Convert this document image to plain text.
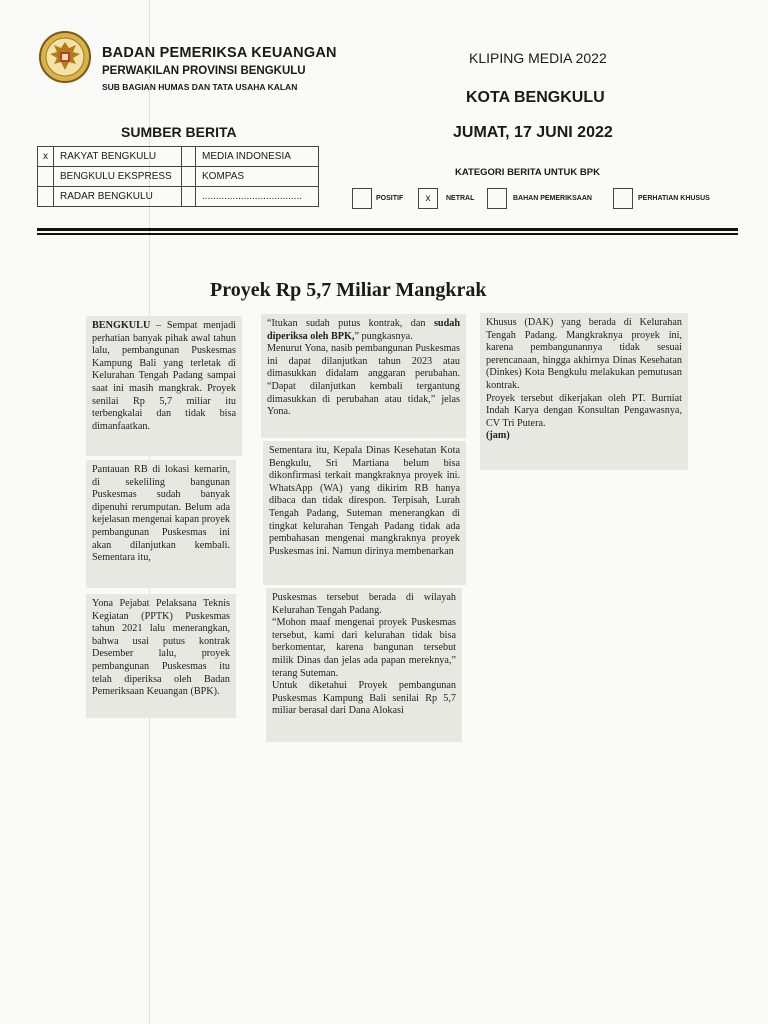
BADAN PEMERIKSA KEUANGAN
PERWAKILAN PROVINSI BENGKULU
SUB BAGIAN HUMAS DAN TATA USAHA KALAN
KLIPING MEDIA 2022
KOTA BENGKULU
JUMAT, 17 JUNI 2022
SUMBER BERITA
x	RAKYAT BENGKULU		MEDIA INDONESIA
	BENGKULU EKSPRESS		KOMPAS
	RADAR BENGKULU		....................................
KATEGORI BERITA UNTUK BPK
POSITIF	x	NETRAL	BAHAN PEMERIKSAAN	PERHATIAN KHUSUS
Proyek Rp 5,7 Miliar Mangkrak
BENGKULU – Sempat menjadi perhatian banyak pihak awal tahun lalu, pembangunan Puskesmas Kampung Bali yang terletak di Kelurahan Tengah Padang sampai saat ini masih mangkrak. Proyek senilai Rp 5,7 miliar itu terbengkalai dan tidak bisa dimanfaatkan.
Pantauan RB di lokasi kemarin, di sekeliling bangunan Puskesmas sudah banyak dipenuhi rerumputan. Belum ada kejelasan mengenai kapan proyek pembangunan Puskesmas ini akan dilanjutkan kembali. Sementara itu,
Yona Pejabat Pelaksana Teknis Kegiatan (PPTK) Puskesmas tahun 2021 lalu menerangkan, bahwa usai putus kontrak Desember lalu, proyek pembangunan Puskesmas itu telah diperiksa oleh Badan Pemeriksaan Keuangan (BPK).
“Itukan sudah putus kontrak, dan sudah diperiksa oleh BPK,” pungkasnya.
Menurut Yona, nasib pembangunan Puskesmas ini dapat dilanjutkan tahun 2023 atau dimasukkan didalam anggaran perubahan. “Dapat dilanjutkan kembali tergantung dimasukkan di perubahan atau tidak,” jelas Yona.
Sementara itu, Kepala Dinas Kesehatan Kota Bengkulu, Sri Martiana belum bisa dikonfirmasi terkait mangkraknya proyek ini. WhatsApp (WA) yang dikirim RB hanya dibaca dan tidak direspon. Terpisah, Lurah Tengah Padang, Suteman menerangkan di tingkat kelurahan Tengah Padang tidak ada pembahasan mengenai mangkraknya proyek Puskesmas ini. Namun dirinya membenarkan
Puskesmas tersebut berada di wilayah Kelurahan Tengah Padang.
“Mohon maaf mengenai proyek Puskesmas tersebut, kami dari kelurahan tidak bisa berkomentar, karena bangunan tersebut milik Dinas dan jelas ada papan mereknya,” terang Suteman.
Untuk diketahui Proyek pembangunan Puskesmas Kampung Bali senilai Rp 5,7 miliar berasal dari Dana Alokasi
Khusus (DAK) yang berada di Kelurahan Tengah Padang. Mangkraknya proyek ini, karena pembangunannya tidak sesuai perencanaan, hingga akhirnya Dinas Kesehatan (Dinkes) Kota Bengkulu melakukan pemutusan kontrak.
Proyek tersebut dikerjakan oleh PT. Burniat Indah Karya dengan Konsultan Pengawasnya, CV Tri Putera.
(jam)
